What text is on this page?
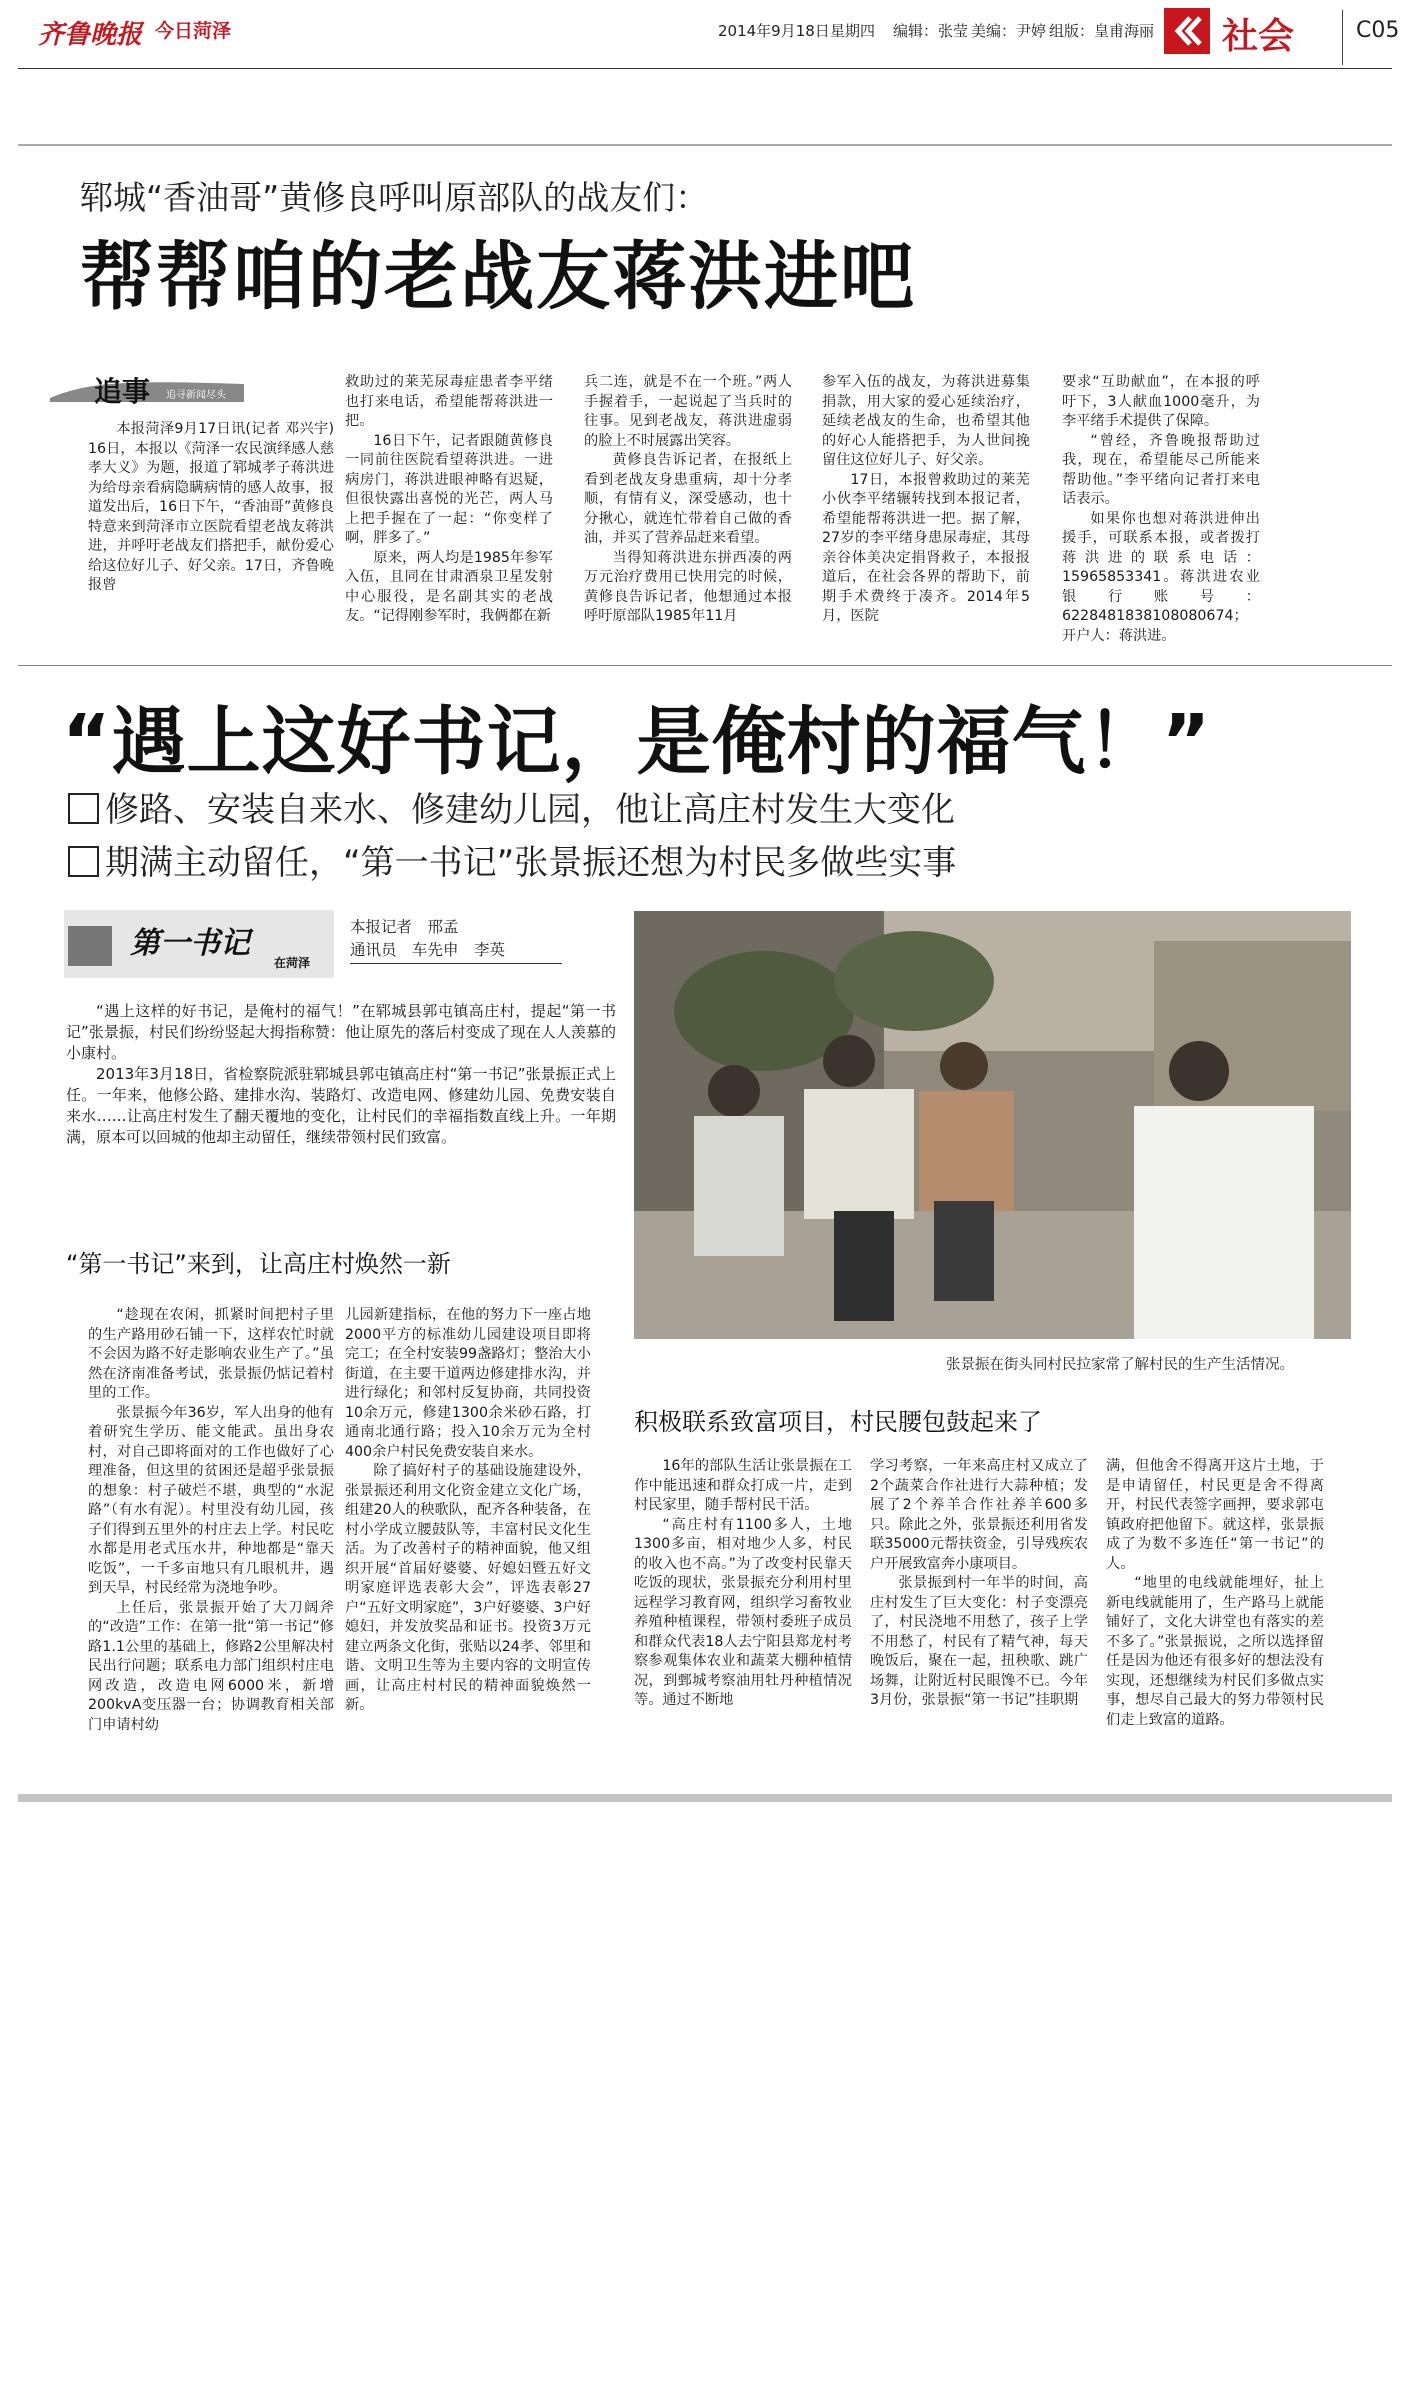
齐鲁晚报 今日菏泽	2014年9月18日 星期四 编辑：张莹 美编：尹婷 组版：皇甫海丽 社会	C05
郓城“香油哥”黄修良呼叫原部队的战友们：
帮帮咱的老战友蒋洪进吧
追事 追寻新闻尽头

本报菏泽9月17日讯(记者 邓兴宇) 16日，本报以《菏泽一农民演绎感人慈孝大义》为题，报道了郓城孝子蒋洪进为给母亲看病隐瞒病情的感人故事，报道发出后，16日下午，“香油哥”黄修良特意来到菏泽市立医院看望老战友蒋洪进，并呼吁老战友们搭把手，献份爱心给这位好儿子、好父亲。17日，齐鲁晚报曾

救助过的莱芜尿毒症患者李平绪也打来电话，希望能帮蒋洪进一把。

16日下午，记者跟随黄修良一同前往医院看望蒋洪进。一进病房门，蒋洪进眼神略有迟疑，但很快露出喜悦的光芒，两人马上把手握在了一起：“你变样了啊，胖多了。”

原来，两人均是1985年参军入伍，且同在甘肃酒泉卫星发射中心服役，是名副其实的老战友。“记得刚参军时，我俩都在新

兵二连，就是不在一个班。”两人手握着手，一起说起了当兵时的往事。见到老战友，蒋洪进虚弱的脸上不时展露出笑容。

黄修良告诉记者，在报纸上看到老战友身患重病，却十分孝顺，有情有义，深受感动，也十分揪心，就连忙带着自己做的香油，并买了营养品赶来看望。

当得知蒋洪进东拼西凑的两万元治疗费用已快用完的时候，黄修良告诉记者，他想通过本报呼吁原部队1985年11月

参军入伍的战友，为蒋洪进募集捐款，用大家的爱心延续治疗，延续老战友的生命，也希望其他的好心人能搭把手，为人世间挽留住这位好儿子、好父亲。

17日，本报曾救助过的莱芜小伙李平绪辗转找到本报记者，希望能帮蒋洪进一把。据了解，27岁的李平绪身患尿毒症，其母亲谷体美决定捐肾救子，本报报道后，在社会各界的帮助下，前期手术费终于凑齐。2014年5月，医院

要求“互助献血”，在本报的呼吁下，3人献血1000毫升，为李平绪手术提供了保障。

“曾经，齐鲁晚报帮助过我，现在，希望能尽己所能来帮助他。”李平绪向记者打来电话表示。

如果你也想对蒋洪进伸出援手，可联系本报，或者拨打蒋洪进的联系电话：15965853341。蒋洪进农业银行账号：6228481838108080674；开户人：蒋洪进。

“遇上这好书记，是俺村的福气！”
修路、安装自来水、修建幼儿园，他让高庄村发生大变化
期满主动留任，“第一书记”张景振还想为村民多做些实事
第一书记
在菏泽
本报记者　邢孟
通讯员　车先申　李英

“遇上这样的好书记，是俺村的福气！”在郓城县郭屯镇高庄村，提起“第一书记”张景振，村民们纷纷竖起大拇指称赞：他让原先的落后村变成了现在人人羡慕的小康村。

2013年3月18日，省检察院派驻郓城县郭屯镇高庄村“第一书记”张景振正式上任。一年来，他修公路、建排水沟、装路灯、改造电网、修建幼儿园、免费安装自来水……让高庄村发生了翻天覆地的变化，让村民们的幸福指数直线上升。一年期满，原本可以回城的他却主动留任，继续带领村民们致富。

“第一书记”来到，让高庄村焕然一新

“趁现在农闲，抓紧时间把村子里的生产路用砂石铺一下，这样农忙时就不会因为路不好走影响农业生产了。”虽然在济南准备考试，张景振仍惦记着村里的工作。

张景振今年36岁，军人出身的他有着研究生学历、能文能武。虽出身农村，对自己即将面对的工作也做好了心理准备，但这里的贫困还是超乎张景振的想象：村子破烂不堪，典型的“水泥路”（有水有泥）。村里没有幼儿园，孩子们得到五里外的村庄去上学。村民吃水都是用老式压水井，种地都是“靠天吃饭”，一千多亩地只有几眼机井，遇到天旱，村民经常为浇地争吵。

上任后，张景振开始了大刀阔斧的“改造”工作：在第一批“第一书记”修路1.1公里的基础上，修路2公里解决村民出行问题；联系电力部门组织村庄电网改造，改造电网6000米，新增200kvA变压器一台；协调教育相关部门申请村幼

儿园新建指标，在他的努力下一座占地2000平方的标准幼儿园建设项目即将完工；在全村安装99盏路灯；整治大小街道，在主要干道两边修建排水沟，并进行绿化；和邻村反复协商，共同投资10余万元，修建1300余米砂石路，打通南北通行路；投入10余万元为全村400余户村民免费安装自来水。

除了搞好村子的基础设施建设外，张景振还利用文化资金建立文化广场，组建20人的秧歌队，配齐各种装备，在村小学成立腰鼓队等，丰富村民文化生活。为了改善村子的精神面貌，他又组织开展“首届好婆婆、好媳妇暨五好文明家庭评选表彰大会”，评选表彰27户“五好文明家庭”，3户好婆婆、3户好媳妇，并发放奖品和证书。投资3万元建立两条文化街，张贴以24孝、邻里和谐、文明卫生等为主要内容的文明宣传画，让高庄村村民的精神面貌焕然一新。

张景振在街头同村民拉家常了解村民的生产生活情况。
积极联系致富项目，村民腰包鼓起来了

16年的部队生活让张景振在工作中能迅速和群众打成一片，走到村民家里，随手帮村民干活。

“高庄村有1100多人，土地1300多亩，相对地少人多，村民的收入也不高。”为了改变村民靠天吃饭的现状，张景振充分利用村里远程学习教育网，组织学习畜牧业养殖种植课程，带领村委班子成员和群众代表18人去宁阳县郑龙村考察参观集体农业和蔬菜大棚种植情况，到鄄城考察油用牡丹种植情况等。通过不断地

学习考察，一年来高庄村又成立了2个蔬菜合作社进行大蒜种植；发展了2个养羊合作社养羊600多只。除此之外，张景振还利用省发联35000元帮扶资金，引导残疾农户开展致富奔小康项目。

张景振到村一年半的时间，高庄村发生了巨大变化：村子变漂亮了，村民浇地不用愁了，孩子上学不用愁了，村民有了精气神，每天晚饭后，聚在一起，扭秧歌、跳广场舞，让附近村民眼馋不已。今年3月份，张景振“第一书记”挂职期

满，但他舍不得离开这片土地，于是申请留任，村民更是舍不得离开，村民代表签字画押，要求郭屯镇政府把他留下。就这样，张景振成了为数不多连任“第一书记”的人。

“地里的电线就能埋好，扯上新电线就能用了，生产路马上就能铺好了，文化大讲堂也有落实的差不多了。”张景振说，之所以选择留任是因为他还有很多好的想法没有实现，还想继续为村民们多做点实事，想尽自己最大的努力带领村民们走上致富的道路。
